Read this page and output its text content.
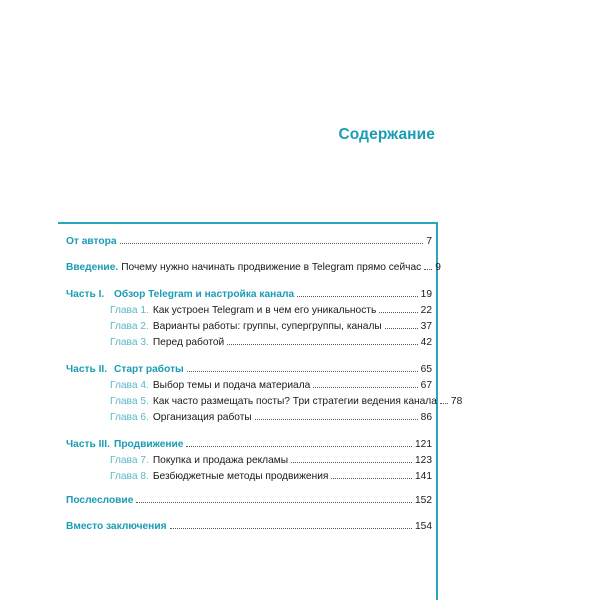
Содержание
От автора	7
Введение. Почему нужно начинать продвижение в Telegram прямо сейчас 9
Часть I. Обзор Telegram и настройка канала	19
Глава 1. Как устроен Telegram и в чем его уникальность	22
Глава 2. Варианты работы: группы, супергруппы, каналы	37
Глава 3. Перед работой	42
Часть II. Старт работы	65
Глава 4. Выбор темы и подача материала	67
Глава 5. Как часто размещать посты? Три стратегии ведения канала 78
Глава 6. Организация работы	86
Часть III. Продвижение	121
Глава 7. Покупка и продажа рекламы	123
Глава 8. Безбюджетные методы продвижения	141
Послесловие	152
Вместо заключения	154
